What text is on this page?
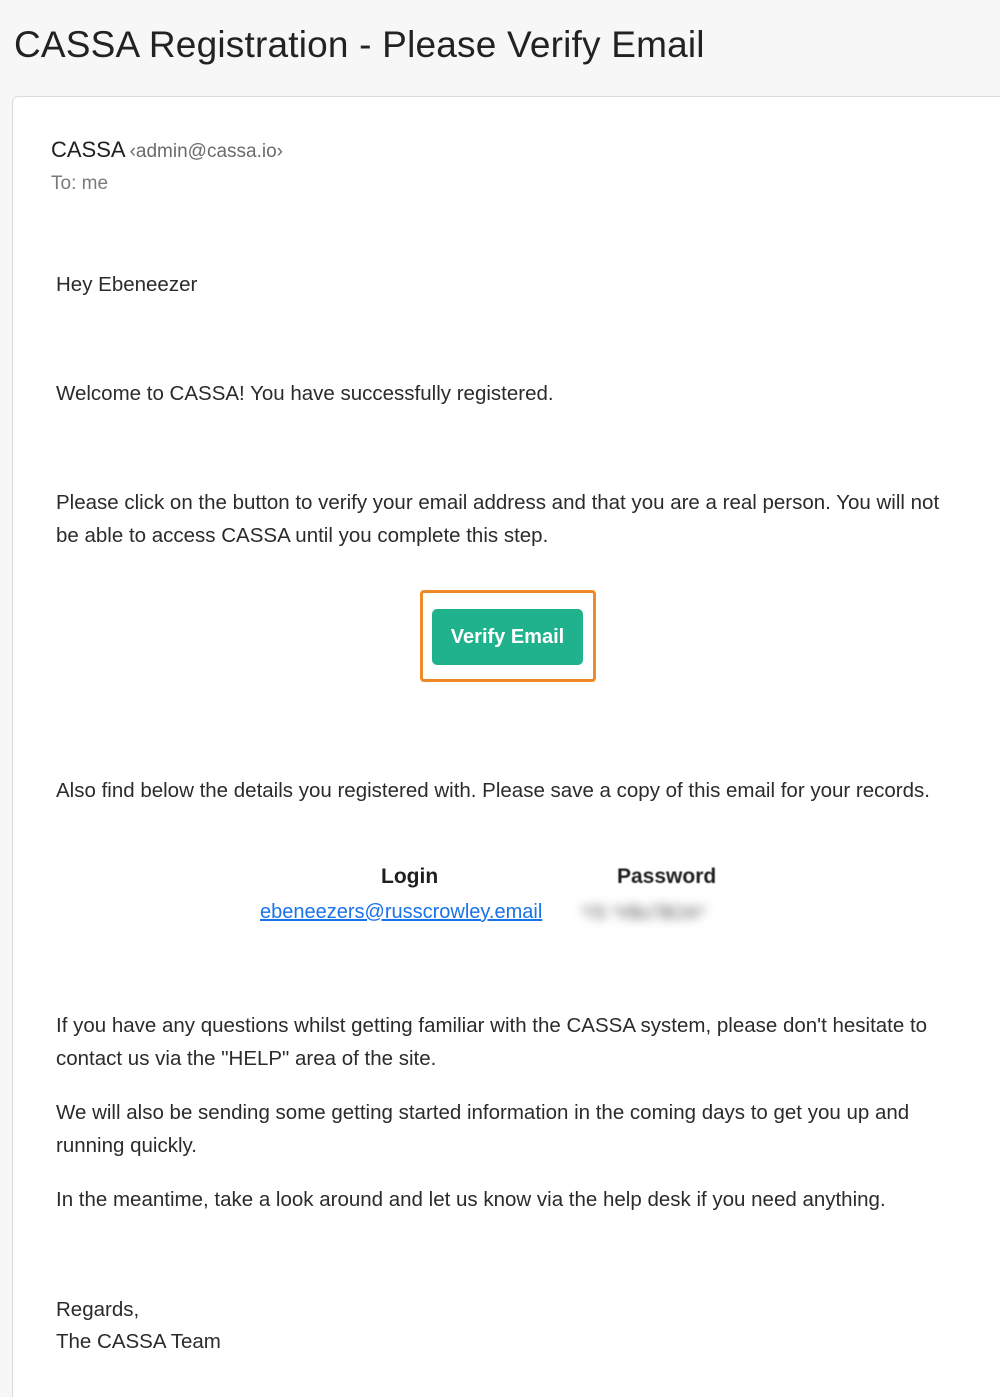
CASSA Registration - Please Verify Email
CASSA ‹admin@cassa.io›
To: me

Hey Ebeneezer

Welcome to CASSA! You have successfully registered.

Please click on the button to verify your email address and that you are a real person. You will not be able to access CASSA until you complete this step.

Verify Email

Also find below the details you registered with. Please save a copy of this email for your records.

Login	Password
ebeneezers@russcrowley.email */S *#$s7$OA*

If you have any questions whilst getting familiar with the CASSA system, please don't hesitate to contact us via the "HELP" area of the site.

We will also be sending some getting started information in the coming days to get you up and running quickly.

In the meantime, take a look around and let us know via the help desk if you need anything.

Regards,

The CASSA Team
